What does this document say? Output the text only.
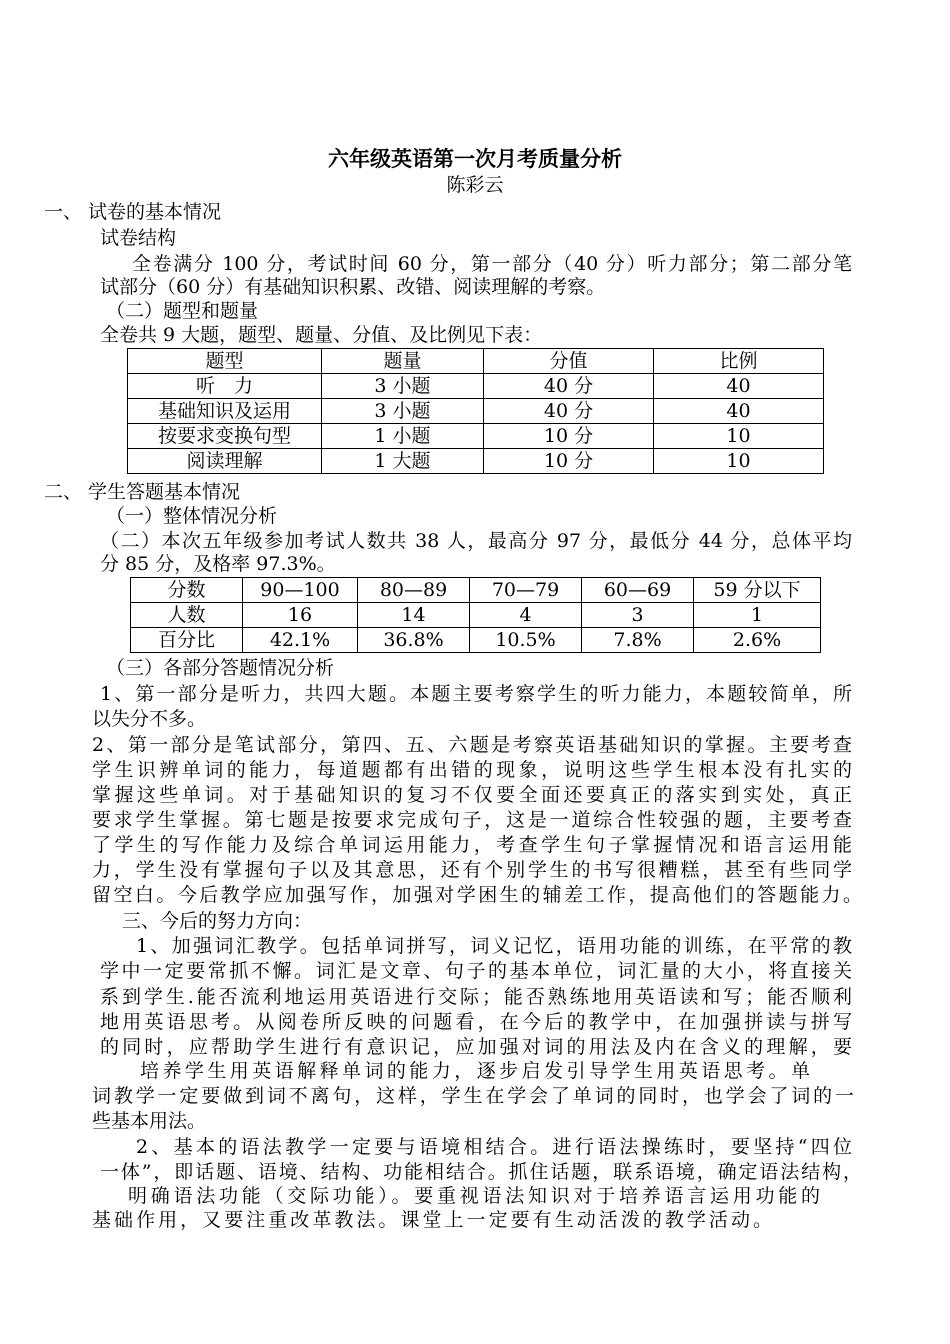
六年级英语第一次月考质量分析
陈彩云
一、 试卷的基本情况
试卷结构
全卷满分 100 分，考试时间 60 分，第一部分（40 分）听力部分；第二部分笔
试部分（60 分）有基础知识积累、改错、阅读理解的考察。
（二）题型和题量
全卷共 9 大题，题型、题量、分值、及比例见下表：
题型	题量	分值	比例
听　力	3 小题	40 分	40
基础知识及运用	3 小题	40 分	40
按要求变换句型	1 小题	10 分	10
阅读理解	1 大题	10 分	10
二、 学生答题基本情况
（一）整体情况分析
（二）本次五年级参加考试人数共 38 人，最高分 97 分，最低分 44 分，总体平均
分 85 分，及格率 97.3%。
分数	90—100	80—89	70—79	60—69	59 分以下
人数	16	14	4	3	1
百分比	42.1%	36.8%	10.5%	7.8%	2.6%
（三）各部分答题情况分析
1、第一部分是听力，共四大题。本题主要考察学生的听力能力，本题较简单，所
以失分不多。
2、第一部分是笔试部分，第四、五、六题是考察英语基础知识的掌握。主要考查
学生识辨单词的能力，每道题都有出错的现象，说明这些学生根本没有扎实的
掌握这些单词。对于基础知识的复习不仅要全面还要真正的落实到实处，真正
要求学生掌握。第七题是按要求完成句子，这是一道综合性较强的题，主要考查
了学生的写作能力及综合单词运用能力，考查学生句子掌握情况和语言运用能
力，学生没有掌握句子以及其意思，还有个别学生的书写很糟糕，甚至有些同学
留空白。今后教学应加强写作，加强对学困生的辅差工作，提高他们的答题能力。
三、今后的努力方向：
1、加强词汇教学。包括单词拼写，词义记忆，语用功能的训练，在平常的教
学中一定要常抓不懈。词汇是文章、句子的基本单位，词汇量的大小，将直接关
系到学生.能否流利地运用英语进行交际；能否熟练地用英语读和写；能否顺利
地用英语思考。从阅卷所反映的问题看，在今后的教学中，在加强拼读与拼写
的同时，应帮助学生进行有意识记，应加强对词的用法及内在含义的理解，要
培养学生用英语解释单词的能力，逐步启发引导学生用英语思考。单
词教学一定要做到词不离句，这样，学生在学会了单词的同时，也学会了词的一
些基本用法。
2、基本的语法教学一定要与语境相结合。进行语法操练时，要坚持“四位
一体”，即话题、语境、结构、功能相结合。抓住话题，联系语境，确定语法结构，
明确语法功能（交际功能）。要重视语法知识对于培养语言运用功能的
基础作用，又要注重改革教法。课堂上一定要有生动活泼的教学活动。
